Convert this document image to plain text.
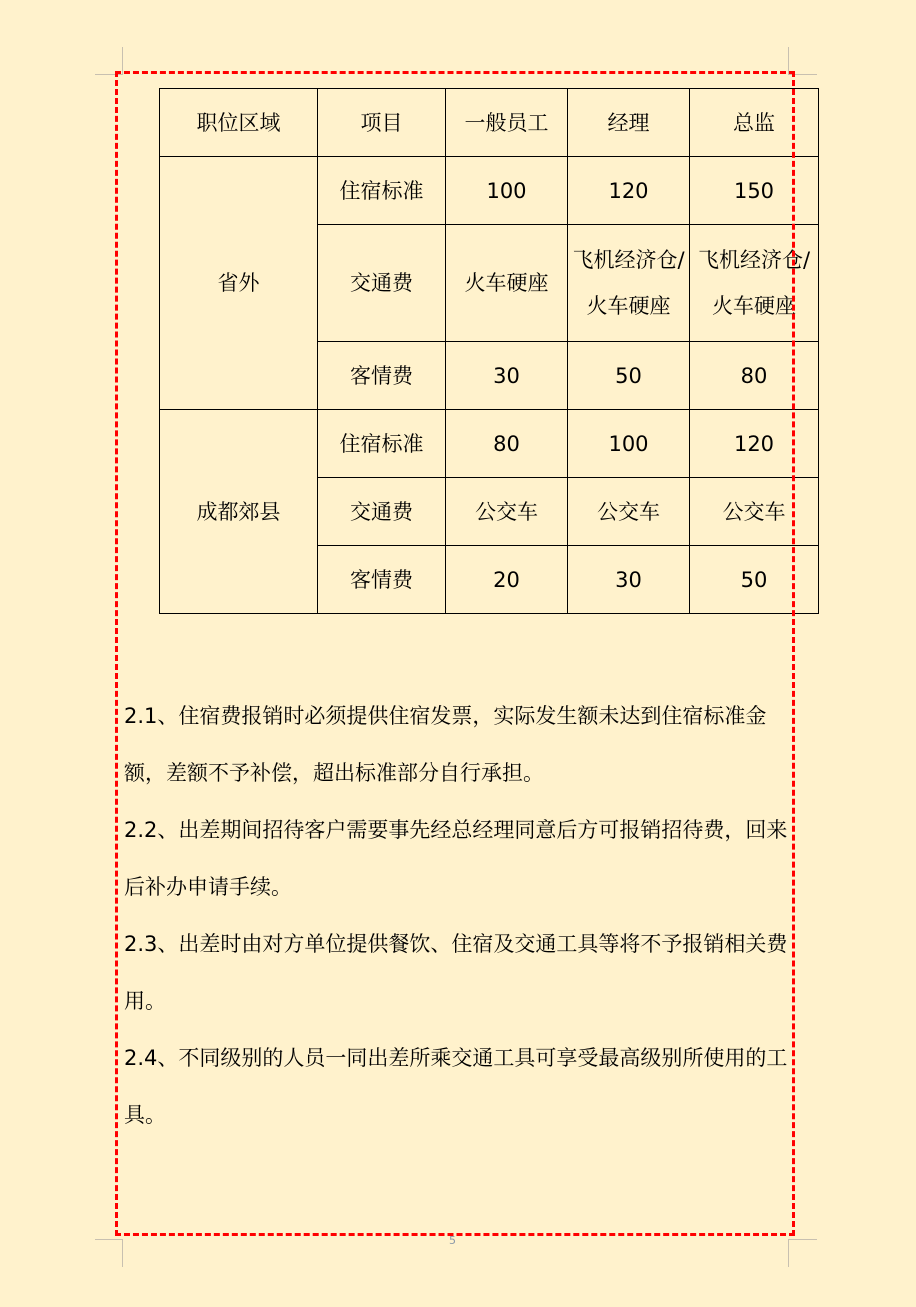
职位区域	项目	一般员工	经理	总监
省外	住宿标准	100	120	150
	交通费	火车硬座	飞机经济仓/火车硬座	飞机经济仓/火车硬座
	客情费	30	50	80
成都郊县	住宿标准	80	100	120
	交通费	公交车	公交车	公交车
	客情费	20	30	50

2.1、住宿费报销时必须提供住宿发票，实际发生额未达到住宿标准金额，差额不予补偿，超出标准部分自行承担。

2.2、出差期间招待客户需要事先经总经理同意后方可报销招待费，回来后补办申请手续。

2.3、出差时由对方单位提供餐饮、住宿及交通工具等将不予报销相关费用。

2.4、不同级别的人员一同出差所乘交通工具可享受最高级别所使用的工具。

5
